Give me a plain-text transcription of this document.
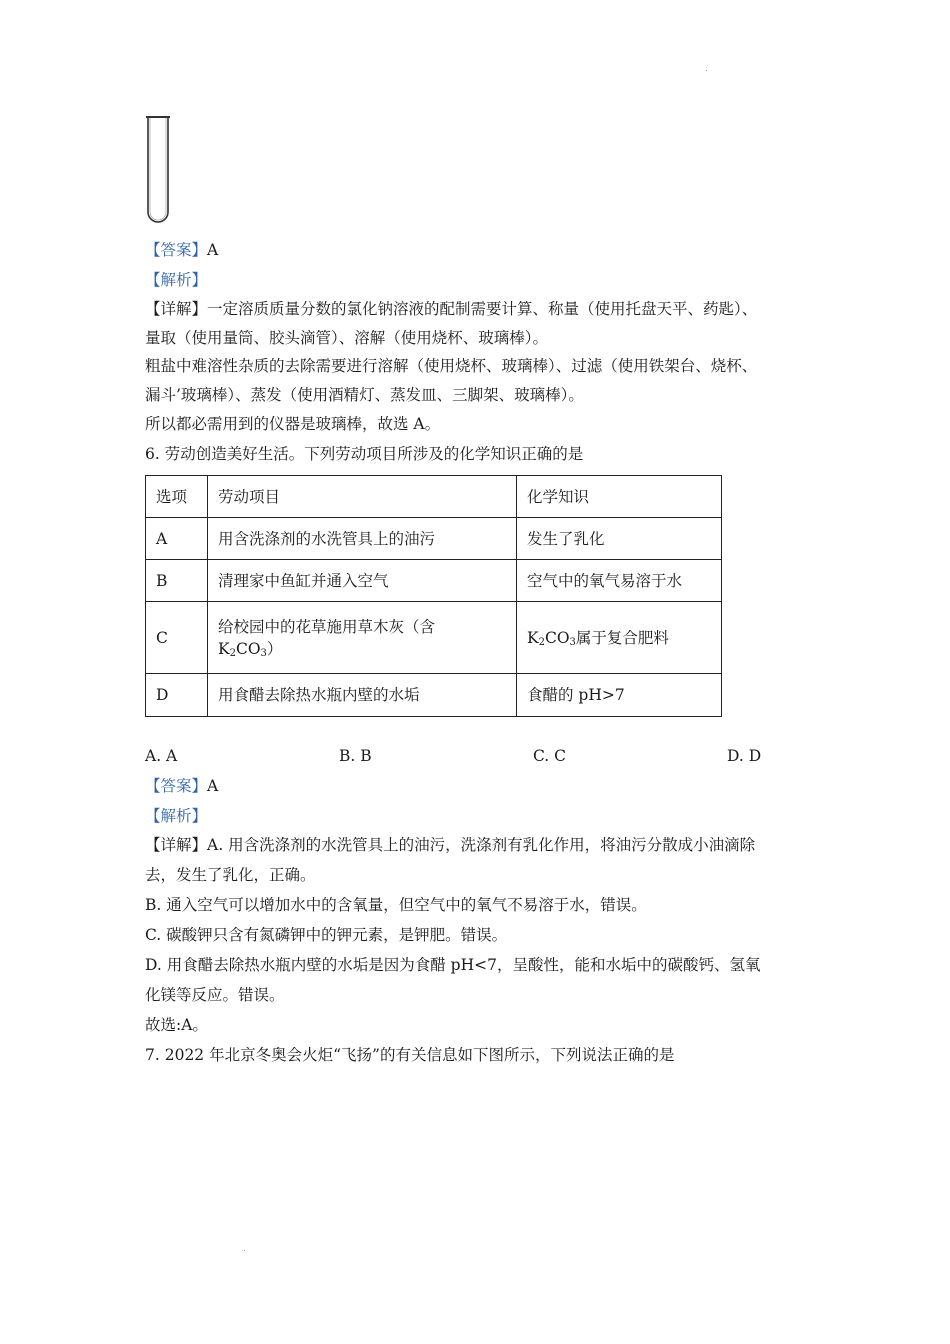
【答案】A
【解析】
【详解】一定溶质质量分数的氯化钠溶液的配制需要计算、称量（使用托盘天平、药匙）、
量取（使用量筒、胶头滴管）、溶解（使用烧杯、玻璃棒）。
粗盐中难溶性杂质的去除需要进行溶解（使用烧杯、玻璃棒）、过滤（使用铁架台、烧杯、
漏斗’玻璃棒）、蒸发（使用酒精灯、蒸发皿、三脚架、玻璃棒）。
所以都必需用到的仪器是玻璃棒，故选 A。
6. 劳动创造美好生活。下列劳动项目所涉及的化学知识正确的是
选项	劳动项目	化学知识
A	用含洗涤剂的水洗管具上的油污	发生了乳化
B	清理家中鱼缸并通入空气	空气中的氧气易溶于水
C	给校园中的花草施用草木灰（含
$K_2CO_3$）	$K_2CO_3$属于复合肥料
D	用食醋去除热水瓶内壁的水垢	食醋的 pH>7
A. A	B. B	C. C	D. D
【答案】A
【解析】
【详解】A. 用含洗涤剂的水洗管具上的油污，洗涤剂有乳化作用，将油污分散成小油滴除
去，发生了乳化，正确。
B. 通入空气可以增加水中的含氧量，但空气中的氧气不易溶于水，错误。
C. 碳酸钾只含有氮磷钾中的钾元素，是钾肥。错误。
D. 用食醋去除热水瓶内壁的水垢是因为食醋 pH<7，呈酸性，能和水垢中的碳酸钙、氢氧
化镁等反应。错误。
故选:A。
7. 2022 年北京冬奥会火炬“飞扬”的有关信息如下图所示，下列说法正确的是
